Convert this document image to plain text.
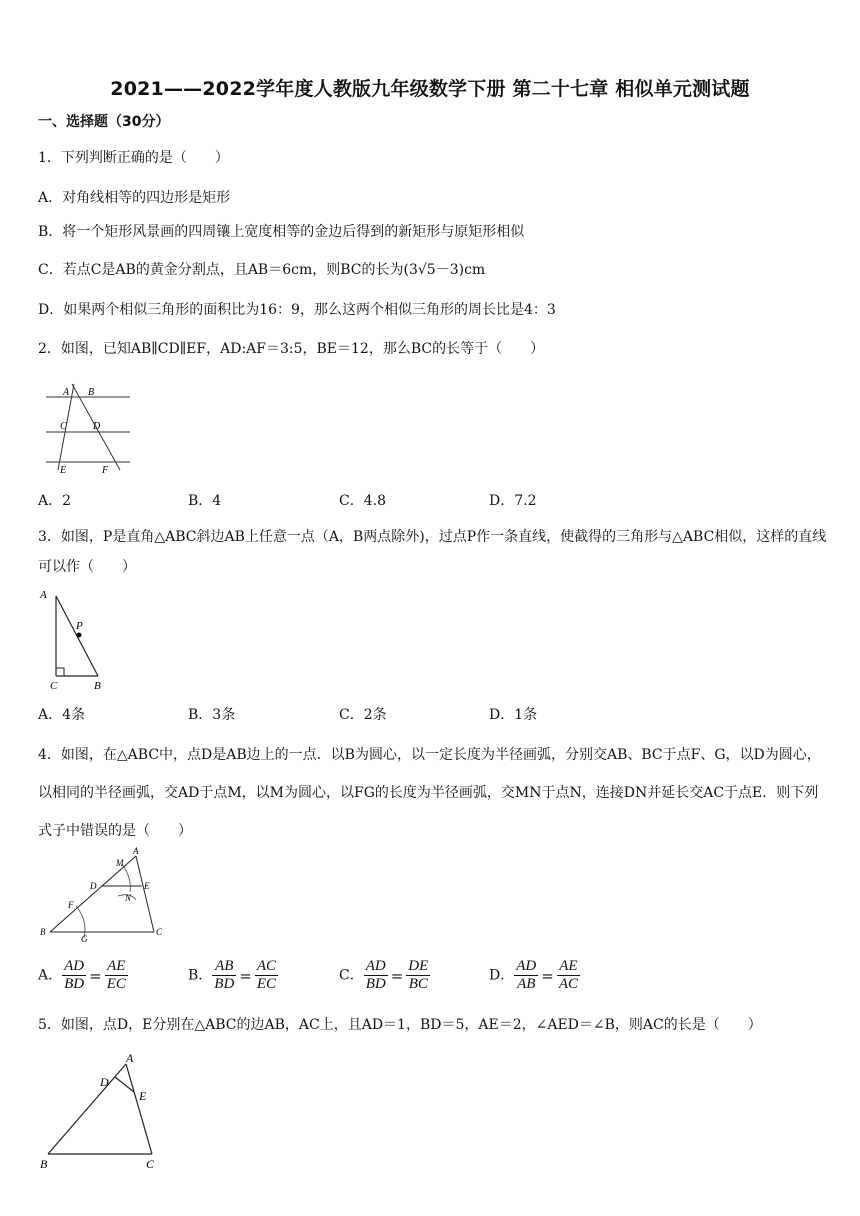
2021——2022学年度人教版九年级数学下册 第二十七章 相似单元测试题
一、选择题（30分）
1．下列判断正确的是（　　）
A．对角线相等的四边形是矩形
B．将一个矩形风景画的四周镶上宽度相等的金边后得到的新矩形与原矩形相似
C．若点C是AB的黄金分割点，且AB＝6cm，则BC的长为(3√5－3)cm
D．如果两个相似三角形的面积比为16：9，那么这两个相似三角形的周长比是4：3
2．如图，已知AB∥CD∥EF，AD:AF＝3:5，BE＝12，那么BC的长等于（　　）
A B
C	D
E	F
A．2	B．4	C．4.8	D．7.2
3．如图，P是直角△ABC斜边AB上任意一点（A，B两点除外)，过点P作一条直线，使截得的三角形与△ABC相似，这样的直线可以作（　　）
A
P
C	B
A．4条	B．3条	C．2条	D．1条
4．如图，在△ABC中，点D是AB边上的一点．以B为圆心，以一定长度为半径画弧，分别交AB、BC于点F、G，以D为圆心，以相同的半径画弧，交AD于点M，以M为圆心，以FG的长度为半径画弧，交MN于点N，连接DN并延长交AC于点E．则下列式子中错误的是（　　）
A
M
D	E
N
F
B
G
C
A． $\frac{AD}{BD} = \frac{AE}{EC}$	B． $\frac{AB}{BD} = \frac{AC}{EC}$	C． $\frac{AD}{BD} = \frac{DE}{BC}$	D． $\frac{AD}{AB} = \frac{AE}{AC}$
5．如图，点D，E分别在△ABC的边AB，AC上，且AD＝1，BD＝5，AE＝2，∠AED＝∠B，则AC的长是（　　）
A
D
E
B	C
